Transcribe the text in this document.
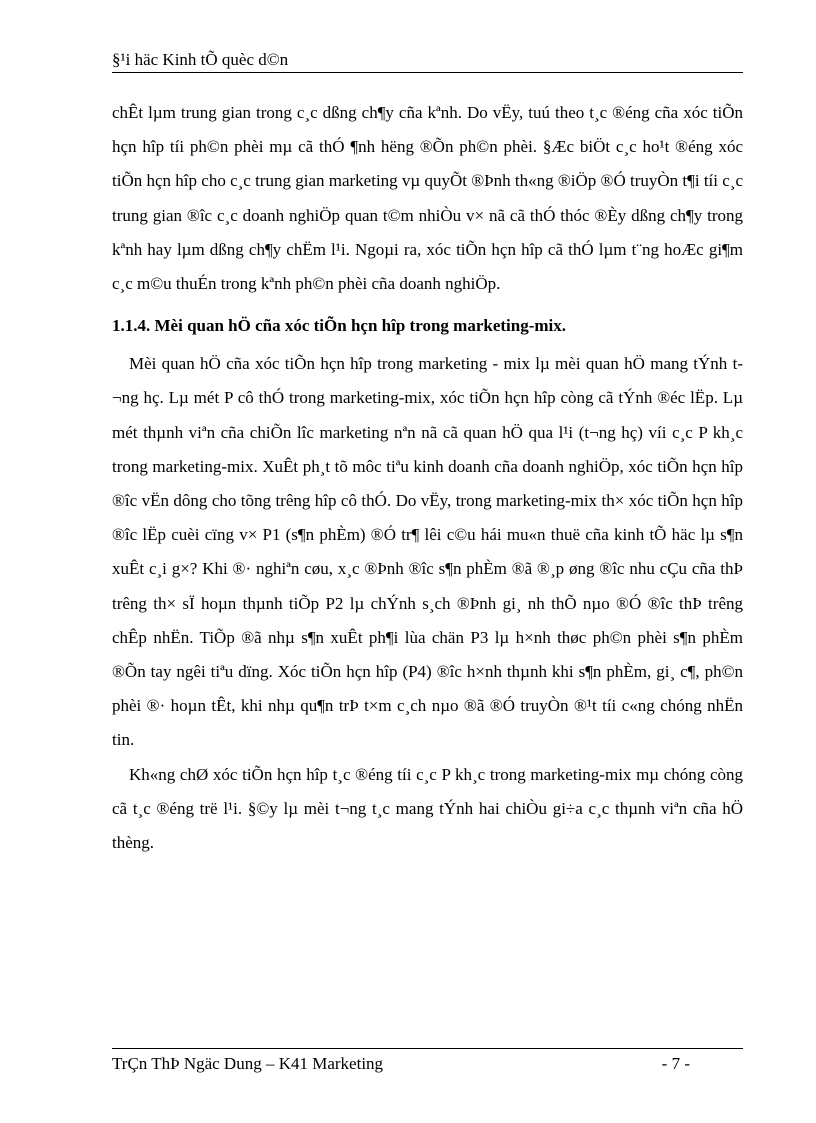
§¹i häc Kinh tÕ quèc d©n

chÊt lµm trung gian trong c¸c dßng ch¶y cña kªnh. Do vËy, tuú theo t¸c ®éng cña xóc tiÕn hçn hîp tíi ph©n phèi mµ cã thÓ ¶nh hëng ®Õn ph©n phèi. §Æc biÖt c¸c ho¹t ®éng xóc tiÕn hçn hîp cho c¸c trung gian marketing vµ quyÕt ®Þnh th«ng ®iÖp ®Ó truyÒn t¶i tíi c¸c trung gian ®îc c¸c doanh nghiÖp quan t©m nhiÒu v× nã cã thÓ thóc ®Èy dßng ch¶y trong kªnh hay lµm dßng ch¶y chËm l¹i. Ngoµi ra, xóc tiÕn hçn hîp cã thÓ lµm t¨ng hoÆc gi¶m c¸c m©u thuÉn trong kªnh ph©n phèi cña doanh nghiÖp.

1.1.4. Mèi quan hÖ cña xóc tiÕn hçn hîp trong marketing-mix.

Mèi quan hÖ cña xóc tiÕn hçn hîp trong marketing - mix lµ mèi quan hÖ mang tÝnh t¬ng hç. Lµ mét P cô thÓ trong marketing-mix, xóc tiÕn hçn hîp còng cã tÝnh ®éc lËp. Lµ mét thµnh viªn cña chiÕn lîc marketing nªn nã cã quan hÖ qua l¹i (t¬ng hç) víi c¸c P kh¸c trong marketing-mix. XuÊt ph¸t tõ môc tiªu kinh doanh cña doanh nghiÖp, xóc tiÕn hçn hîp ®îc vËn dông cho tõng trêng hîp cô thÓ. Do vËy, trong marketing-mix th× xóc tiÕn hçn hîp ®îc lËp cuèi cïng v× P1 (s¶n phÈm) ®Ó tr¶ lêi c©u hái mu«n thuë cña kinh tÕ häc lµ s¶n xuÊt c¸i g×? Khi ®· nghiªn cøu, x¸c ®Þnh ®îc s¶n phÈm ®ã ®¸p øng ®îc nhu cÇu cña thÞ trêng th× sÏ hoµn thµnh tiÕp P2 lµ chÝnh s¸ch ®Þnh gi¸ nh thÕ nµo ®Ó ®îc thÞ trêng chÊp nhËn. TiÕp ®ã nhµ s¶n xuÊt ph¶i lùa chän P3 lµ h×nh thøc ph©n phèi s¶n phÈm ®Õn tay ngêi tiªu dïng. Xóc tiÕn hçn hîp (P4) ®îc h×nh thµnh khi s¶n phÈm, gi¸ c¶, ph©n phèi ®· hoµn tÊt, khi nhµ qu¶n trÞ t×m c¸ch nµo ®ã ®Ó truyÒn ®¹t tíi c«ng chóng nhËn tin.

Kh«ng chØ xóc tiÕn hçn hîp t¸c ®éng tíi c¸c P kh¸c trong marketing-mix mµ chóng còng cã t¸c ®éng trë l¹i. §©y lµ mèi t¬ng t¸c mang tÝnh hai chiÒu gi÷a c¸c thµnh viªn cña hÖ thèng.

TrÇn ThÞ Ngäc Dung – K41 Marketing	- 7 -
